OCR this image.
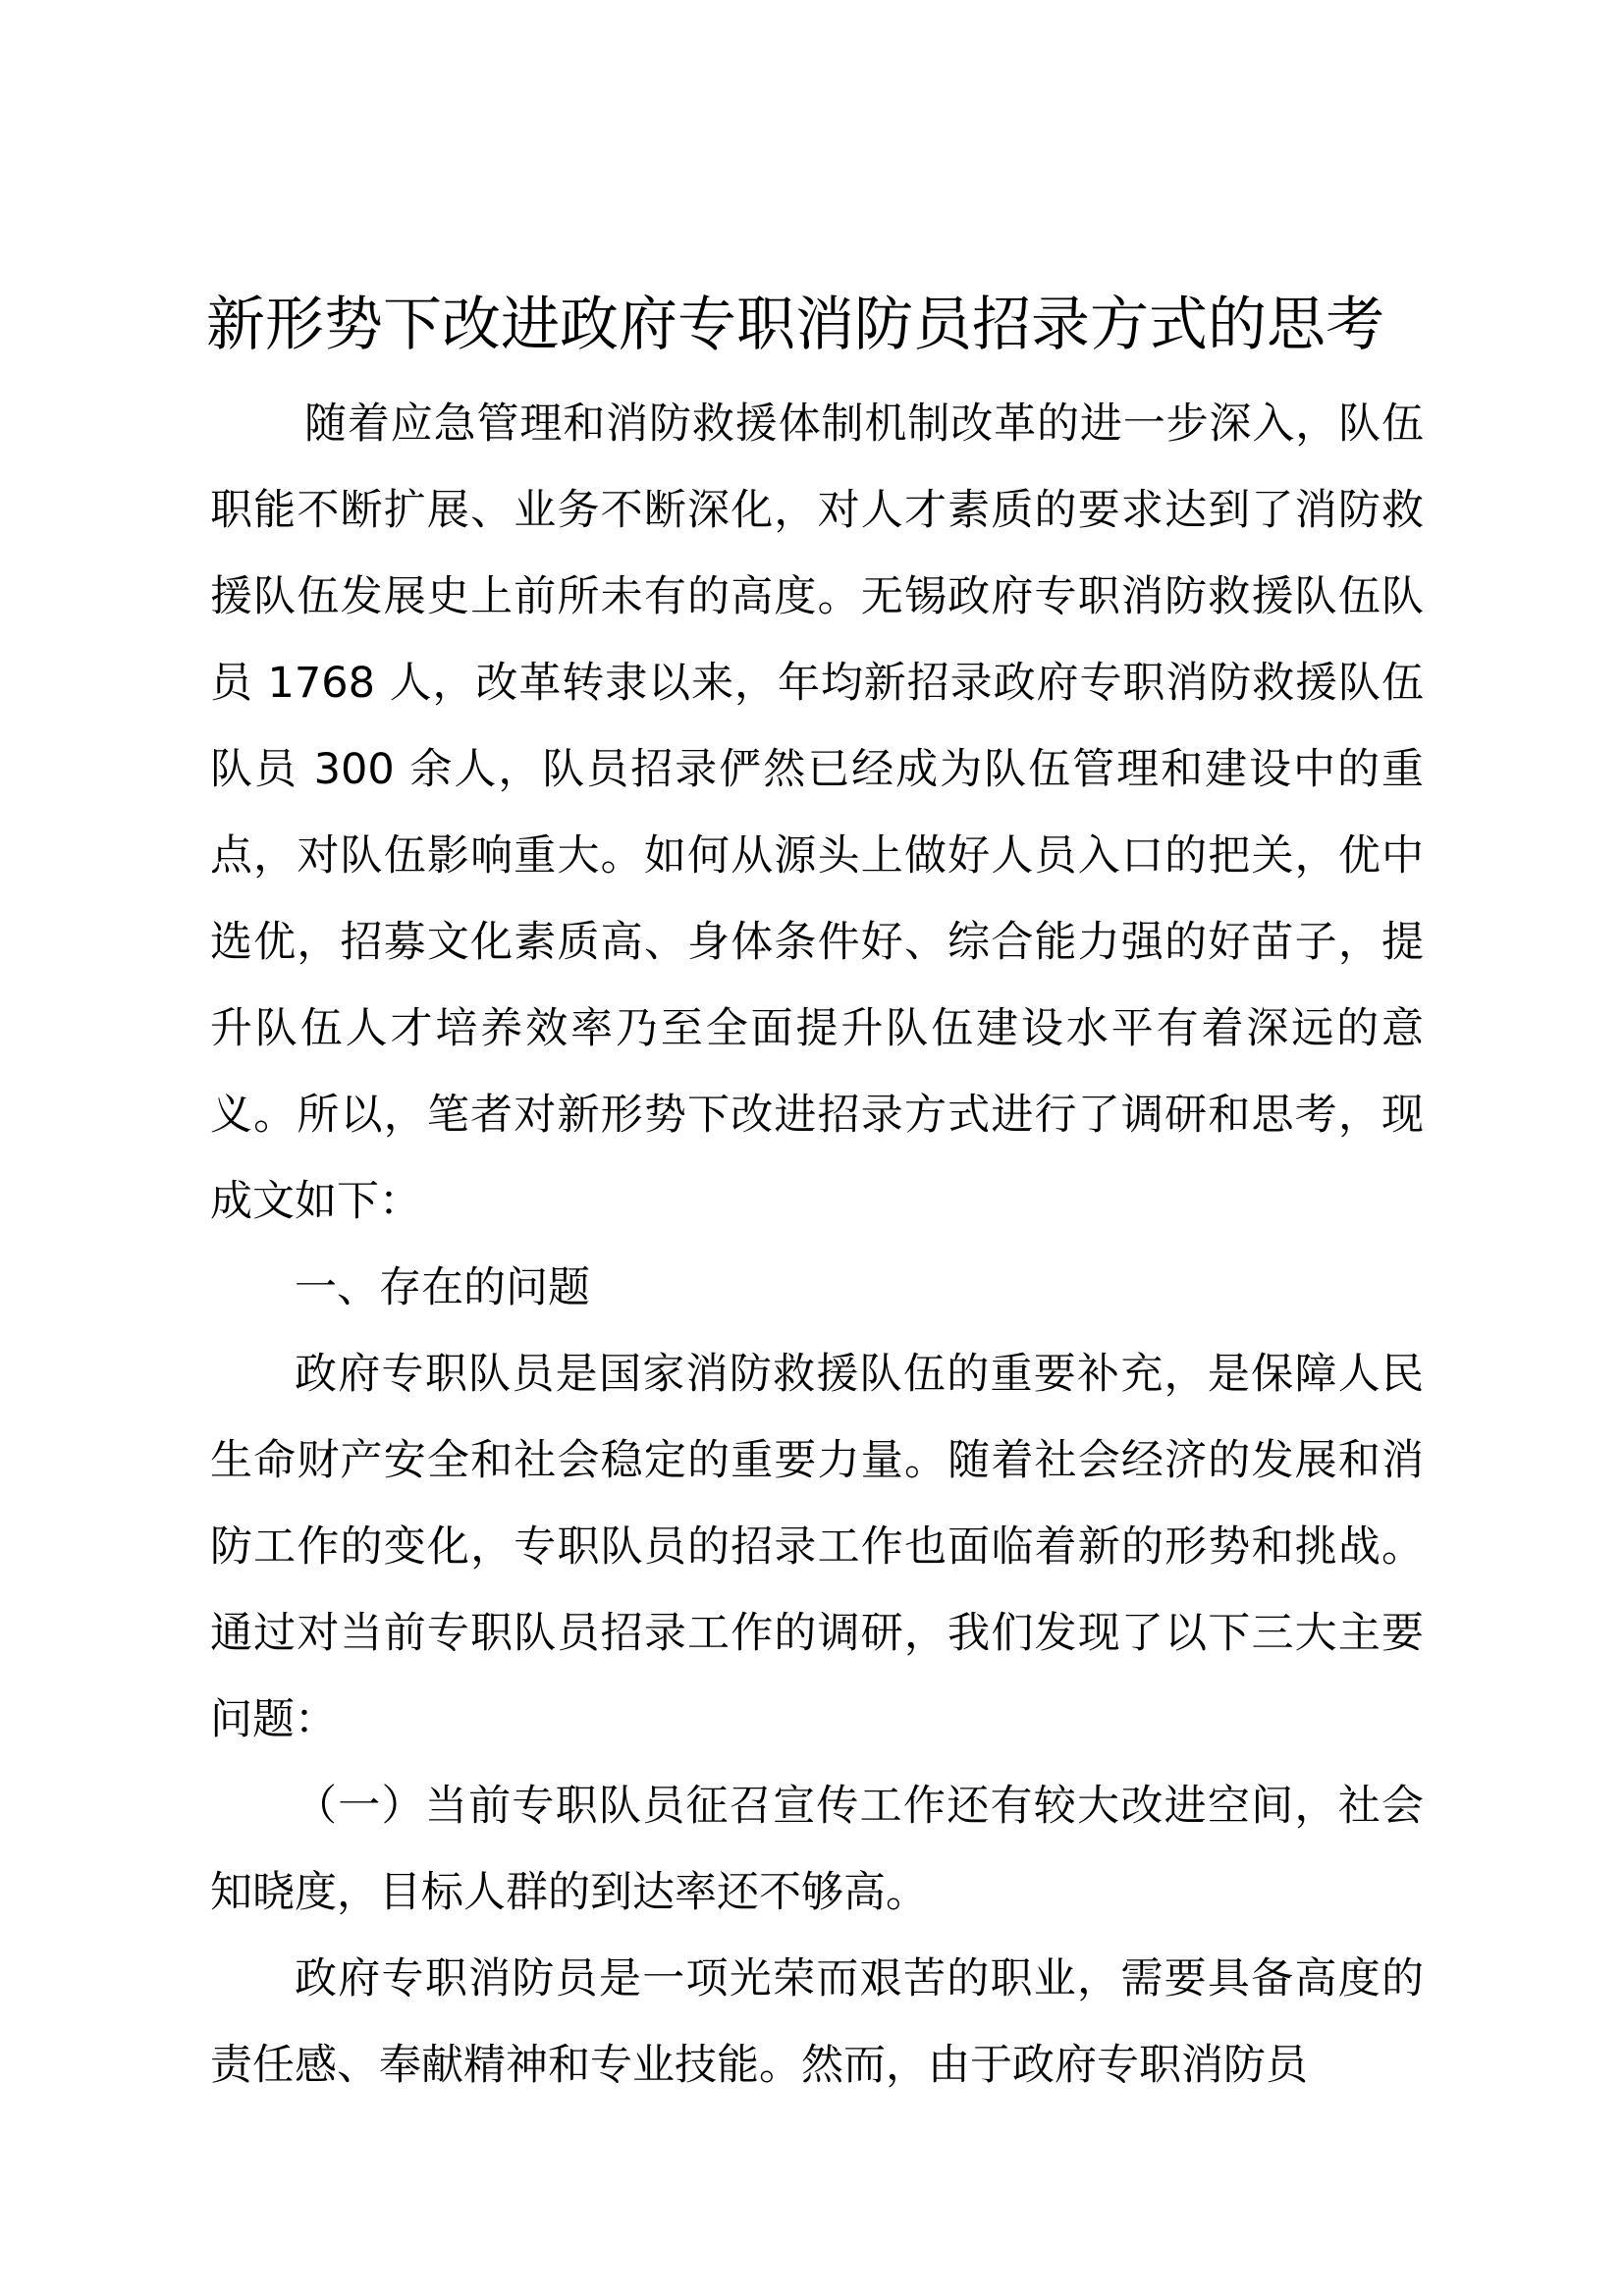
新形势下改进政府专职消防员招录方式的思考

随着应急管理和消防救援体制机制改革的进一步深入，队伍职能不断扩展、业务不断深化，对人才素质的要求达到了消防救援队伍发展史上前所未有的高度。无锡政府专职消防救援队伍队员 1768 人，改革转隶以来，年均新招录政府专职消防救援队伍队员 300 余人，队员招录俨然已经成为队伍管理和建设中的重点，对队伍影响重大。如何从源头上做好人员入口的把关，优中选优，招募文化素质高、身体条件好、综合能力强的好苗子，提升队伍人才培养效率乃至全面提升队伍建设水平有着深远的意义。所以，笔者对新形势下改进招录方式进行了调研和思考，现成文如下：

一、存在的问题

政府专职队员是国家消防救援队伍的重要补充，是保障人民生命财产安全和社会稳定的重要力量。随着社会经济的发展和消防工作的变化，专职队员的招录工作也面临着新的形势和挑战。通过对当前专职队员招录工作的调研，我们发现了以下三大主要问题：

（一）当前专职队员征召宣传工作还有较大改进空间，社会知晓度，目标人群的到达率还不够高。

政府专职消防员是一项光荣而艰苦的职业，需要具备高度的责任感、奉献精神和专业技能。然而，由于政府专职消防员
